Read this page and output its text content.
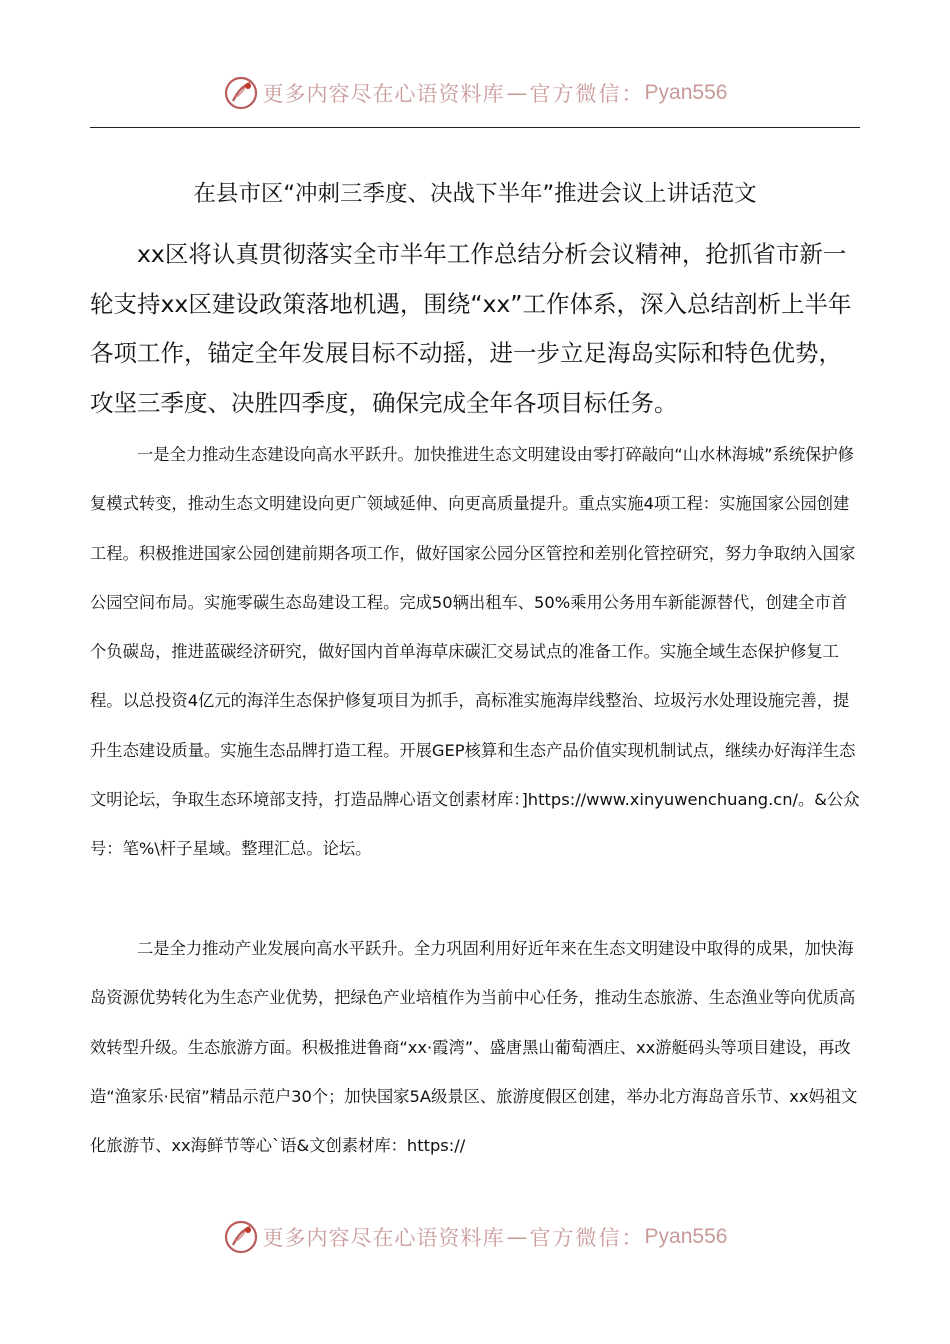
更多内容尽在心语资料库 — 官方微信： Pyan556
在县市区“冲刺三季度、决战下半年”推进会议上讲话范文

xx区将认真贯彻落实全市半年工作总结分析会议精神，抢抓省市新一轮支持xx区建设政策落地机遇，围绕“xx”工作体系，深入总结剖析上半年各项工作，锚定全年发展目标不动摇，进一步立足海岛实际和特色优势，攻坚三季度、决胜四季度，确保完成全年各项目标任务。

一是全力推动生态建设向高水平跃升。加快推进生态文明建设由零打碎敲向“山水林海城”系统保护修复模式转变，推动生态文明建设向更广领域延伸、向更高质量提升。重点实施4项工程：实施国家公园创建工程。积极推进国家公园创建前期各项工作，做好国家公园分区管控和差别化管控研究，努力争取纳入国家公园空间布局。实施零碳生态岛建设工程。完成50辆出租车、50%乘用公务用车新能源替代，创建全市首个负碳岛，推进蓝碳经济研究，做好国内首单海草床碳汇交易试点的准备工作。实施全域生态保护修复工程。以总投资4亿元的海洋生态保护修复项目为抓手，高标准实施海岸线整治、垃圾污水处理设施完善，提升生态建设质量。实施生态品牌打造工程。开展GEP核算和生态产品价值实现机制试点，继续办好海洋生态文明论坛，争取生态环境部支持，打造品牌心语文创素材库：]https://www.xinyuwenchuang.cn/。&公众号：笔%\杆子星域。整理汇总。论坛。

二是全力推动产业发展向高水平跃升。全力巩固利用好近年来在生态文明建设中取得的成果，加快海岛资源优势转化为生态产业优势，把绿色产业培植作为当前中心任务，推动生态旅游、生态渔业等向优质高效转型升级。生态旅游方面。积极推进鲁商“xx·霞湾”、盛唐黑山葡萄酒庄、xx游艇码头等项目建设，再改造“渔家乐·民宿”精品示范户30个；加快国家5A级景区、旅游度假区创建，举办北方海岛音乐节、xx妈祖文化旅游节、xx海鲜节等心`语&文创素材库：https://

更多内容尽在心语资料库 — 官方微信： Pyan556
